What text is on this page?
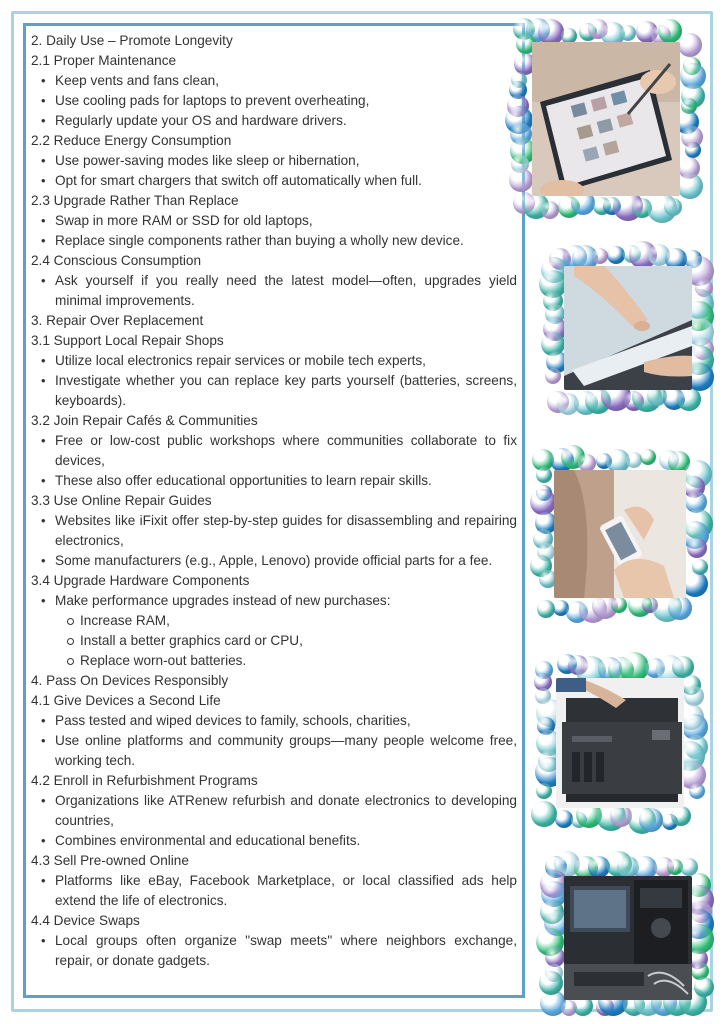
2. Daily Use – Promote Longevity
2.1 Proper Maintenance
• Keep vents and fans clean,
• Use cooling pads for laptops to prevent overheating,
• Regularly update your OS and hardware drivers.
2.2 Reduce Energy Consumption
• Use power-saving modes like sleep or hibernation,
• Opt for smart chargers that switch off automatically when full.
2.3 Upgrade Rather Than Replace
• Swap in more RAM or SSD for old laptops,
• Replace single components rather than buying a wholly new device.
2.4 Conscious Consumption
• Ask yourself if you really need the latest model—often, upgrades yield minimal improvements.
3. Repair Over Replacement
3.1 Support Local Repair Shops
• Utilize local electronics repair services or mobile tech experts,
• Investigate whether you can replace key parts yourself (batteries, screens, keyboards).
3.2 Join Repair Cafés & Communities
• Free or low-cost public workshops where communities collaborate to fix devices,
• These also offer educational opportunities to learn repair skills.
3.3 Use Online Repair Guides
• Websites like iFixit offer step-by-step guides for disassembling and repairing electronics,
• Some manufacturers (e.g., Apple, Lenovo) provide official parts for a fee.
3.4 Upgrade Hardware Components
• Make performance upgrades instead of new purchases:
Increase RAM,
Install a better graphics card or CPU,
Replace worn-out batteries.
4. Pass On Devices Responsibly
4.1 Give Devices a Second Life
• Pass tested and wiped devices to family, schools, charities,
• Use online platforms and community groups—many people welcome free, working tech.
4.2 Enroll in Refurbishment Programs
• Organizations like ATRenew refurbish and donate electronics to developing countries,
• Combines environmental and educational benefits.
4.3 Sell Pre-owned Online
• Platforms like eBay, Facebook Marketplace, or local classified ads help extend the life of electronics.
4.4 Device Swaps
• Local groups often organize "swap meets" where neighbors exchange, repair, or donate gadgets.
